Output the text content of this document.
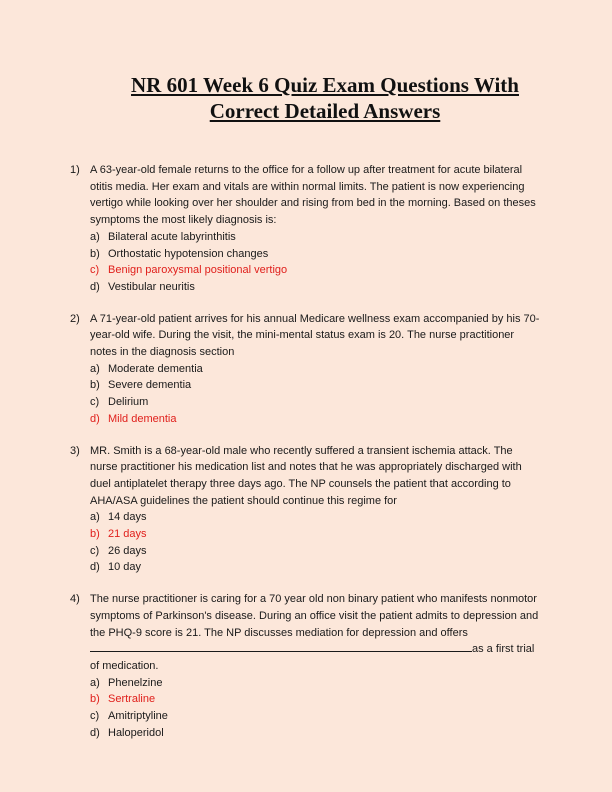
NR 601 Week 6 Quiz Exam Questions With
Correct Detailed Answers
1) A 63-year-old female returns to the office for a follow up after treatment for acute bilateral otitis media. Her exam and vitals are within normal limits. The patient is now experiencing vertigo while looking over her shoulder and rising from bed in the morning. Based on theses symptoms the most likely diagnosis is:

a) Bilateral acute labyrinthitis
b) Orthostatic hypotension changes
c) Benign paroxysmal positional vertigo
d) Vestibular neuritis
2) A 71-year-old patient arrives for his annual Medicare wellness exam accompanied by his 70-year-old wife. During the visit, the mini-mental status exam is 20. The nurse practitioner notes in the diagnosis section

a) Moderate dementia
b) Severe dementia
c) Delirium
d) Mild dementia
3) MR. Smith is a 68-year-old male who recently suffered a transient ischemia attack. The nurse practitioner his medication list and notes that he was appropriately discharged with duel antiplatelet therapy three days ago. The NP counsels the patient that according to AHA/ASA guidelines the patient should continue this regime for

a) 14 days
b) 21 days
c) 26 days
d) 10 day
4) The nurse practitioner is caring for a 70 year old non binary patient who manifests nonmotor symptoms of Parkinson's disease. During an office visit the patient admits to depression and the PHQ-9 score is 21. The NP discusses mediation for depression and offers as a first trial of medication.

a) Phenelzine
b) Sertraline
c) Amitriptyline
d) Haloperidol
